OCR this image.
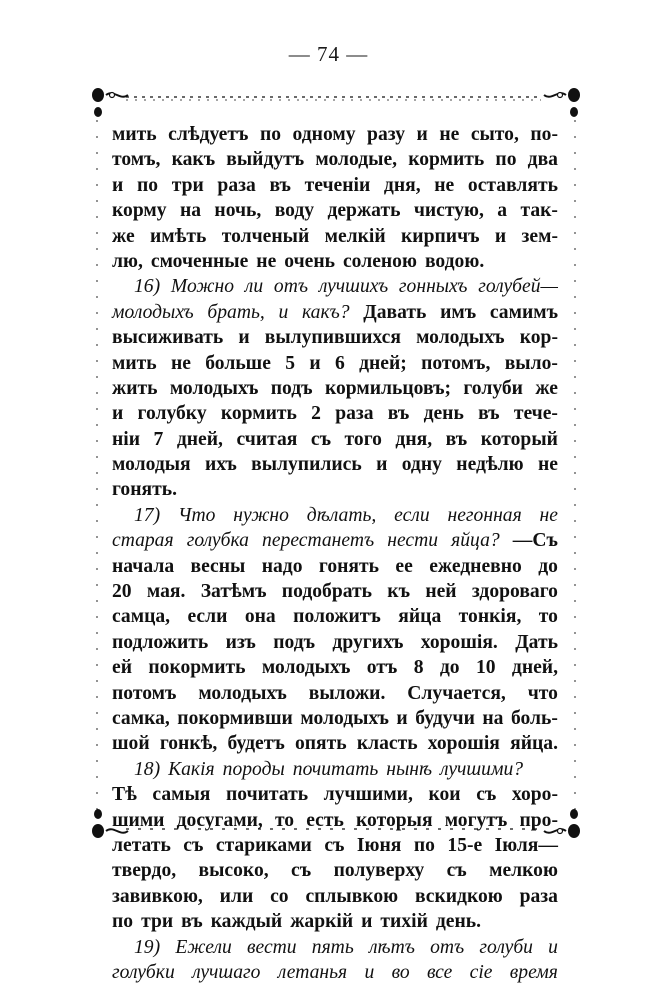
— 74 —
мить слѣдуетъ по одному разу и не сыто, по-
томъ, какъ выйдутъ молодые, кормить по два
и по три раза въ теченіи дня, не оставлять
корму на ночь, воду держать чистую, а так-
же имѣть толченый мелкій кирпичъ и зем-
лю, смоченные не очень соленою водою.
16) Можно ли отъ лучшихъ гонныхъ голубей—
молодыхъ брать, и какъ? Давать имъ самимъ
высиживать и вылупившихся молодыхъ кор-
мить не больше 5 и 6 дней; потомъ, выло-
жить молодыхъ подъ кормильцовъ; голуби же
и голубку кормить 2 раза въ день въ тече-
ніи 7 дней, считая съ того дня, въ который
молодыя ихъ вылупились и одну недѣлю не
гонять.
17) Что нужно дѣлать, если негонная не
старая голубка перестанетъ нести яйца? —Съ
начала весны надо гонять ее ежедневно до
20 мая. Затѣмъ подобрать къ ней здороваго
самца, если она положитъ яйца тонкія, то
подложить изъ подъ другихъ хорошія. Дать
ей покормить молодыхъ отъ 8 до 10 дней,
потомъ молодыхъ выложи. Случается, что
самка, покормивши молодыхъ и будучи на боль-
шой гонкѣ, будетъ опять класть хорошія яйца.
18) Какія породы почитать нынѣ лучшими?
Тѣ самыя почитать лучшими, кои съ хоро-
шими досугами, то есть которыя могутъ про-
летать съ стариками съ Іюня по 15-е Іюля—
твердо, высоко, съ полуверху съ мелкою
завивкою, или со сплывкою вскидкою раза
по три въ каждый жаркій и тихій день.
19) Ежели вести пять лѣтъ отъ голуби и
голубки лучшаго летанья и во все сіе время
